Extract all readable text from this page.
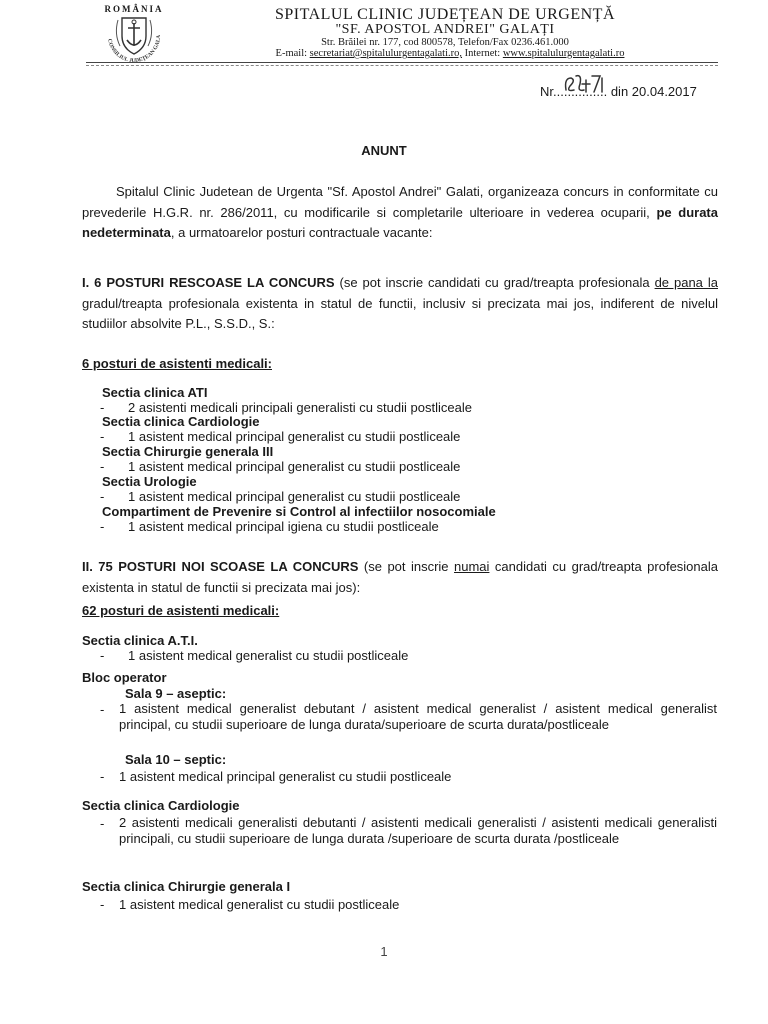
ROMÂNIA
CONSILIUL JUDEȚEAN GALA
SPITALUL CLINIC JUDEȚEAN DE URGENȚĂ
"SF. APOSTOL ANDREI" GALAȚI
Str. Brăilei nr. 177, cod 800578, Telefon/Fax 0236.461.000
E-mail: secretariat@spitalulurgentagalati.ro, Internet: www.spitalulurgentagalati.ro
Nr............... din 20.04.2017
ANUNT
Spitalul Clinic Judetean de Urgenta "Sf. Apostol Andrei" Galati, organizeaza concurs in conformitate cu prevederile H.G.R. nr. 286/2011, cu modificarile si completarile ulterioare in vederea ocuparii, pe durata nedeterminata, a urmatoarelor posturi contractuale vacante:
I. 6 POSTURI RESCOASE LA CONCURS (se pot inscrie candidati cu grad/treapta profesionala de pana la gradul/treapta profesionala existenta in statul de functii, inclusiv si precizata mai jos, indiferent de nivelul studiilor absolvite P.L., S.S.D., S.:
6 posturi de asistenti medicali:
Sectia clinica ATI
- 2 asistenti medicali principali generalisti cu studii postliceale
Sectia clinica Cardiologie
- 1 asistent medical principal generalist cu studii postliceale
Sectia Chirurgie generala III
- 1 asistent medical principal generalist cu studii postliceale
Sectia Urologie
- 1 asistent medical principal generalist cu studii postliceale
Compartiment de Prevenire si Control al infectiilor nosocomiale
- 1 asistent medical principal igiena cu studii postliceale
II. 75 POSTURI NOI SCOASE LA CONCURS (se pot inscrie numai candidati cu grad/treapta profesionala existenta in statul de functii si precizata mai jos):
62 posturi de asistenti medicali:
Sectia clinica A.T.I.
- 1 asistent medical generalist cu studii postliceale
Bloc operator
Sala 9 – aseptic:
- 1 asistent medical generalist debutant / asistent medical generalist / asistent medical generalist principal, cu studii superioare de lunga durata/superioare de scurta durata/postliceale
Sala 10 – septic:
- 1 asistent medical principal generalist cu studii postliceale
Sectia clinica Cardiologie
- 2 asistenti medicali generalisti debutanti / asistenti medicali generalisti / asistenti medicali generalisti principali, cu studii superioare de lunga durata /superioare de scurta durata /postliceale
Sectia clinica Chirurgie generala I
- 1 asistent medical generalist cu studii postliceale
1
